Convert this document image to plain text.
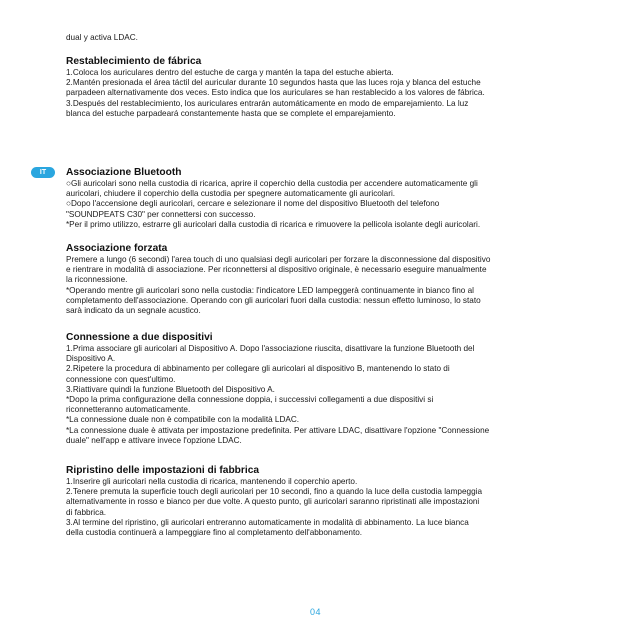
dual y activa LDAC.
Restablecimiento de fábrica
1.Coloca los auriculares dentro del estuche de carga y mantén la tapa del estuche abierta.
2.Mantén presionada el área táctil del auricular durante 10 segundos hasta que las luces roja y blanca del estuche
parpadeen alternativamente dos veces. Esto indica que los auriculares se han restablecido a los valores de fábrica.
3.Después del restablecimiento, los auriculares entrarán automáticamente en modo de emparejamiento. La luz
blanca del estuche parpadeará constantemente hasta que se complete el emparejamiento.
IT	Associazione Bluetooth
○Gli auricolari sono nella custodia di ricarica, aprire il coperchio della custodia per accendere automaticamente gli
auricolari, chiudere il coperchio della custodia per spegnere automaticamente gli auricolari.
○Dopo l'accensione degli auricolari, cercare e selezionare il nome del dispositivo Bluetooth del telefono
"SOUNDPEATS C30" per connettersi con successo.
*Per il primo utilizzo, estrarre gli auricolari dalla custodia di ricarica e rimuovere la pellicola isolante degli auricolari.
Associazione forzata
Premere a lungo (6 secondi) l'area touch di uno qualsiasi degli auricolari per forzare la disconnessione dal dispositivo
e rientrare in modalità di associazione. Per riconnettersi al dispositivo originale, è necessario eseguire manualmente
la riconnessione.
*Operando mentre gli auricolari sono nella custodia: l'indicatore LED lampeggerà continuamente in bianco fino al
completamento dell'associazione. Operando con gli auricolari fuori dalla custodia: nessun effetto luminoso, lo stato
sarà indicato da un segnale acustico.
Connessione a due dispositivi
1.Prima associare gli auricolari al Dispositivo A. Dopo l'associazione riuscita, disattivare la funzione Bluetooth del
Dispositivo A.
2.Ripetere la procedura di abbinamento per collegare gli auricolari al dispositivo B, mantenendo lo stato di
connessione con quest'ultimo.
3.Riattivare quindi la funzione Bluetooth del Dispositivo A.
*Dopo la prima configurazione della connessione doppia, i successivi collegamenti a due dispositivi si
riconnetteranno automaticamente.
*La connessione duale non è compatibile con la modalità LDAC.
*La connessione duale è attivata per impostazione predefinita. Per attivare LDAC, disattivare l'opzione "Connessione
duale" nell'app e attivare invece l'opzione LDAC.
Ripristino delle impostazioni di fabbrica
1.Inserire gli auricolari nella custodia di ricarica, mantenendo il coperchio aperto.
2.Tenere premuta la superficie touch degli auricolari per 10 secondi, fino a quando la luce della custodia lampeggia
alternativamente in rosso e bianco per due volte. A questo punto, gli auricolari saranno ripristinati alle impostazioni
di fabbrica.
3.Al termine del ripristino, gli auricolari entreranno automaticamente in modalità di abbinamento. La luce bianca
della custodia continuerà a lampeggiare fino al completamento dell'abbonamento.
04
